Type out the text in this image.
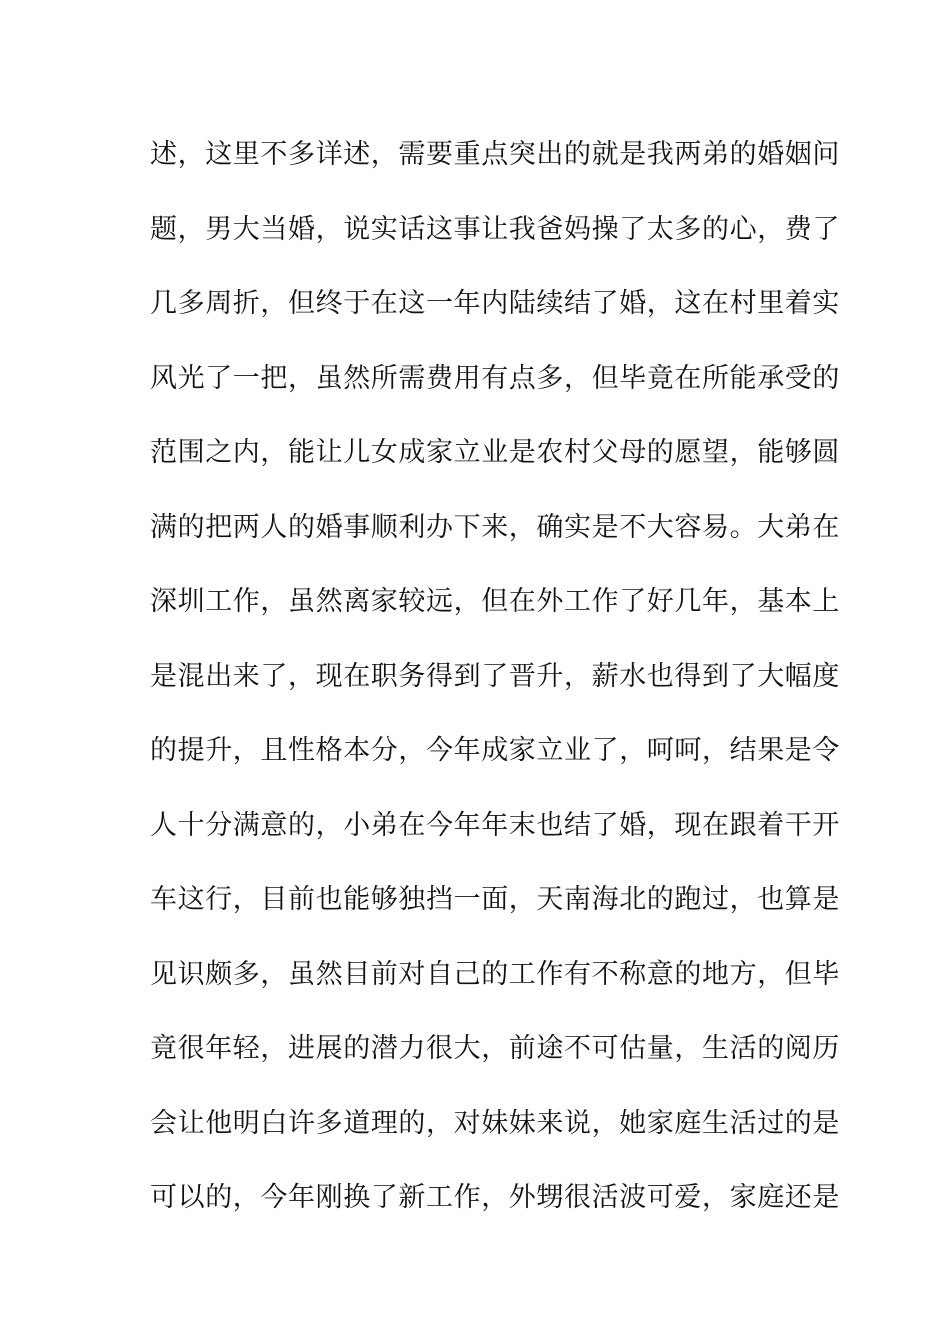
述，这里不多详述，需要重点突出的就是我两弟的婚姻问
题，男大当婚，说实话这事让我爸妈操了太多的心，费了
几多周折，但终于在这一年内陆续结了婚，这在村里着实
风光了一把，虽然所需费用有点多，但毕竟在所能承受的
范围之内，能让儿女成家立业是农村父母的愿望，能够圆
满的把两人的婚事顺利办下来，确实是不大容易。大弟在
深圳工作，虽然离家较远，但在外工作了好几年，基本上
是混出来了，现在职务得到了晋升，薪水也得到了大幅度
的提升，且性格本分，今年成家立业了，呵呵，结果是令
人十分满意的，小弟在今年年末也结了婚，现在跟着干开
车这行，目前也能够独挡一面，天南海北的跑过，也算是
见识颇多，虽然目前对自己的工作有不称意的地方，但毕
竟很年轻，进展的潜力很大，前途不可估量，生活的阅历
会让他明白许多道理的，对妹妹来说，她家庭生活过的是
可以的，今年刚换了新工作，外甥很活波可爱，家庭还是
